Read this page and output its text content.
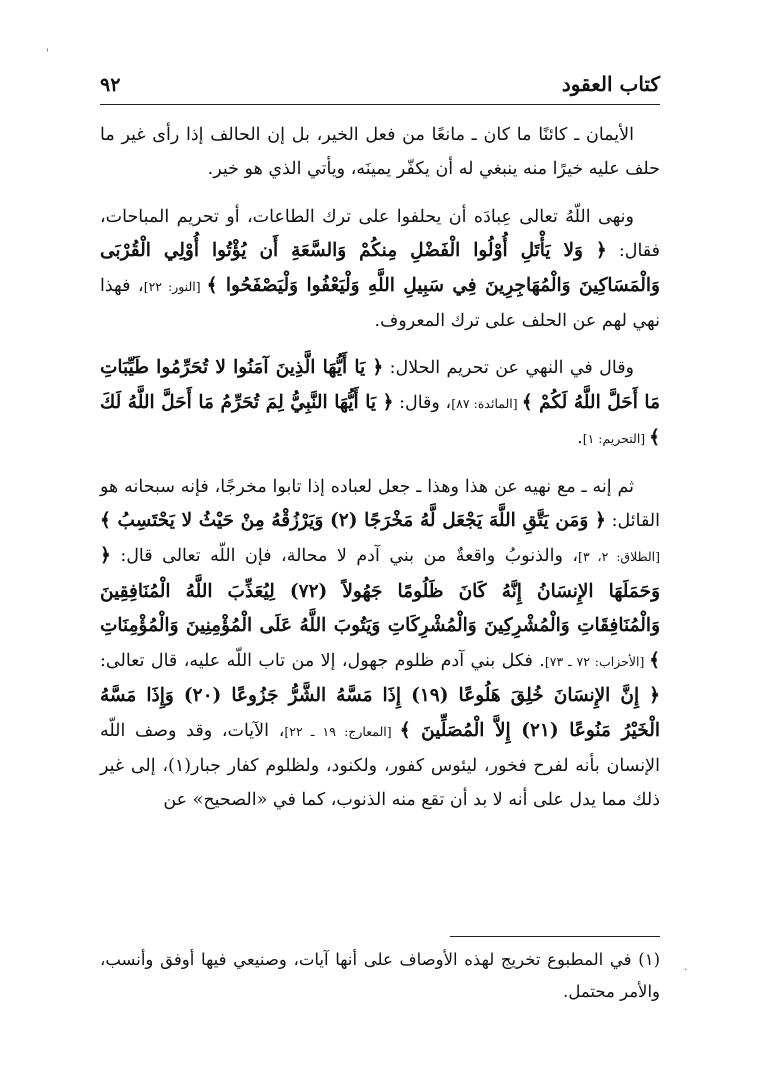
كتاب العقود
٩٢

الأيمان ـ كائنًا ما كان ـ مانعًا من فعل الخير، بل إن الحالف إذا رأى غير ما حلف عليه خيرًا منه ينبغي له أن يكفّر يمينَه، ويأتي الذي هو خير.

ونهى اللّهُ تعالى عِبادَه أن يحلفوا على ترك الطاعات، أو تحريم المباحات، فقال: ﴿ وَلا يَأْتَلِ أُوْلُوا الْفَضْلِ مِنكُمْ وَالسَّعَةِ أَن يُؤْتُوا أُوْلِي الْقُرْبَى وَالْمَسَاكِينَ وَالْمُهَاجِرِينَ فِي سَبِيلِ اللَّهِ وَلْيَعْفُوا وَلْيَصْفَحُوا ﴾ [النور: ٢٢]، فهذا نهي لهم عن الحلف على ترك المعروف.

وقال في النهي عن تحريم الحلال: ﴿ يَا أَيُّهَا الَّذِينَ آمَنُوا لا تُحَرِّمُوا طَيِّبَاتِ مَا أَحَلَّ اللَّهُ لَكُمْ ﴾ [المائدة: ٨٧]، وقال: ﴿ يَا أَيُّهَا النَّبِيُّ لِمَ تُحَرِّمُ مَا أَحَلَّ اللَّهُ لَكَ ﴾ [التحريم: ١].

ثم إنه ـ مع نهيه عن هذا وهذا ـ جعل لعباده إذا تابوا مخرجًا، فإنه سبحانه هو القائل: ﴿ وَمَن يَتَّقِ اللَّهَ يَجْعَل لَّهُ مَخْرَجًا (٢) وَيَرْزُقْهُ مِنْ حَيْثُ لا يَحْتَسِبُ ﴾ [الطلاق: ٢، ٣]، والذنوبُ واقعةٌ من بني آدم لا محالة، فإن اللّه تعالى قال: ﴿ وَحَمَلَهَا الإِنسَانُ إِنَّهُ كَانَ ظَلُومًا جَهُولاً (٧٢) لِيُعَذِّبَ اللَّهُ الْمُنَافِقِينَ وَالْمُنَافِقَاتِ وَالْمُشْرِكِينَ وَالْمُشْرِكَاتِ وَيَتُوبَ اللَّهُ عَلَى الْمُؤْمِنِينَ وَالْمُؤْمِنَاتِ ﴾ [الأحزاب: ٧٢ ـ ٧٣]. فكل بني آدم ظلوم جهول، إلا من تاب اللّه عليه، قال تعالى: ﴿ إِنَّ الإِنسَانَ خُلِقَ هَلُوعًا (١٩) إِذَا مَسَّهُ الشَّرُّ جَزُوعًا (٢٠) وَإِذَا مَسَّهُ الْخَيْرُ مَنُوعًا (٢١) إِلاَّ الْمُصَلِّينَ ﴾ [المعارج: ١٩ ـ ٢٢]، الآيات، وقد وصف اللّه الإنسان بأنه لفرح فخور، ليئوس كفور، ولكنود، ولظلوم كفار جبار(١)، إلى غير ذلك مما يدل على أنه لا بد أن تقع منه الذنوب، كما في «الصحيح» عن

(١) في المطبوع تخريج لهذه الأوصاف على أنها آيات، وصنيعي فيها أوفق وأنسب، والأمر محتمل.
'
.
